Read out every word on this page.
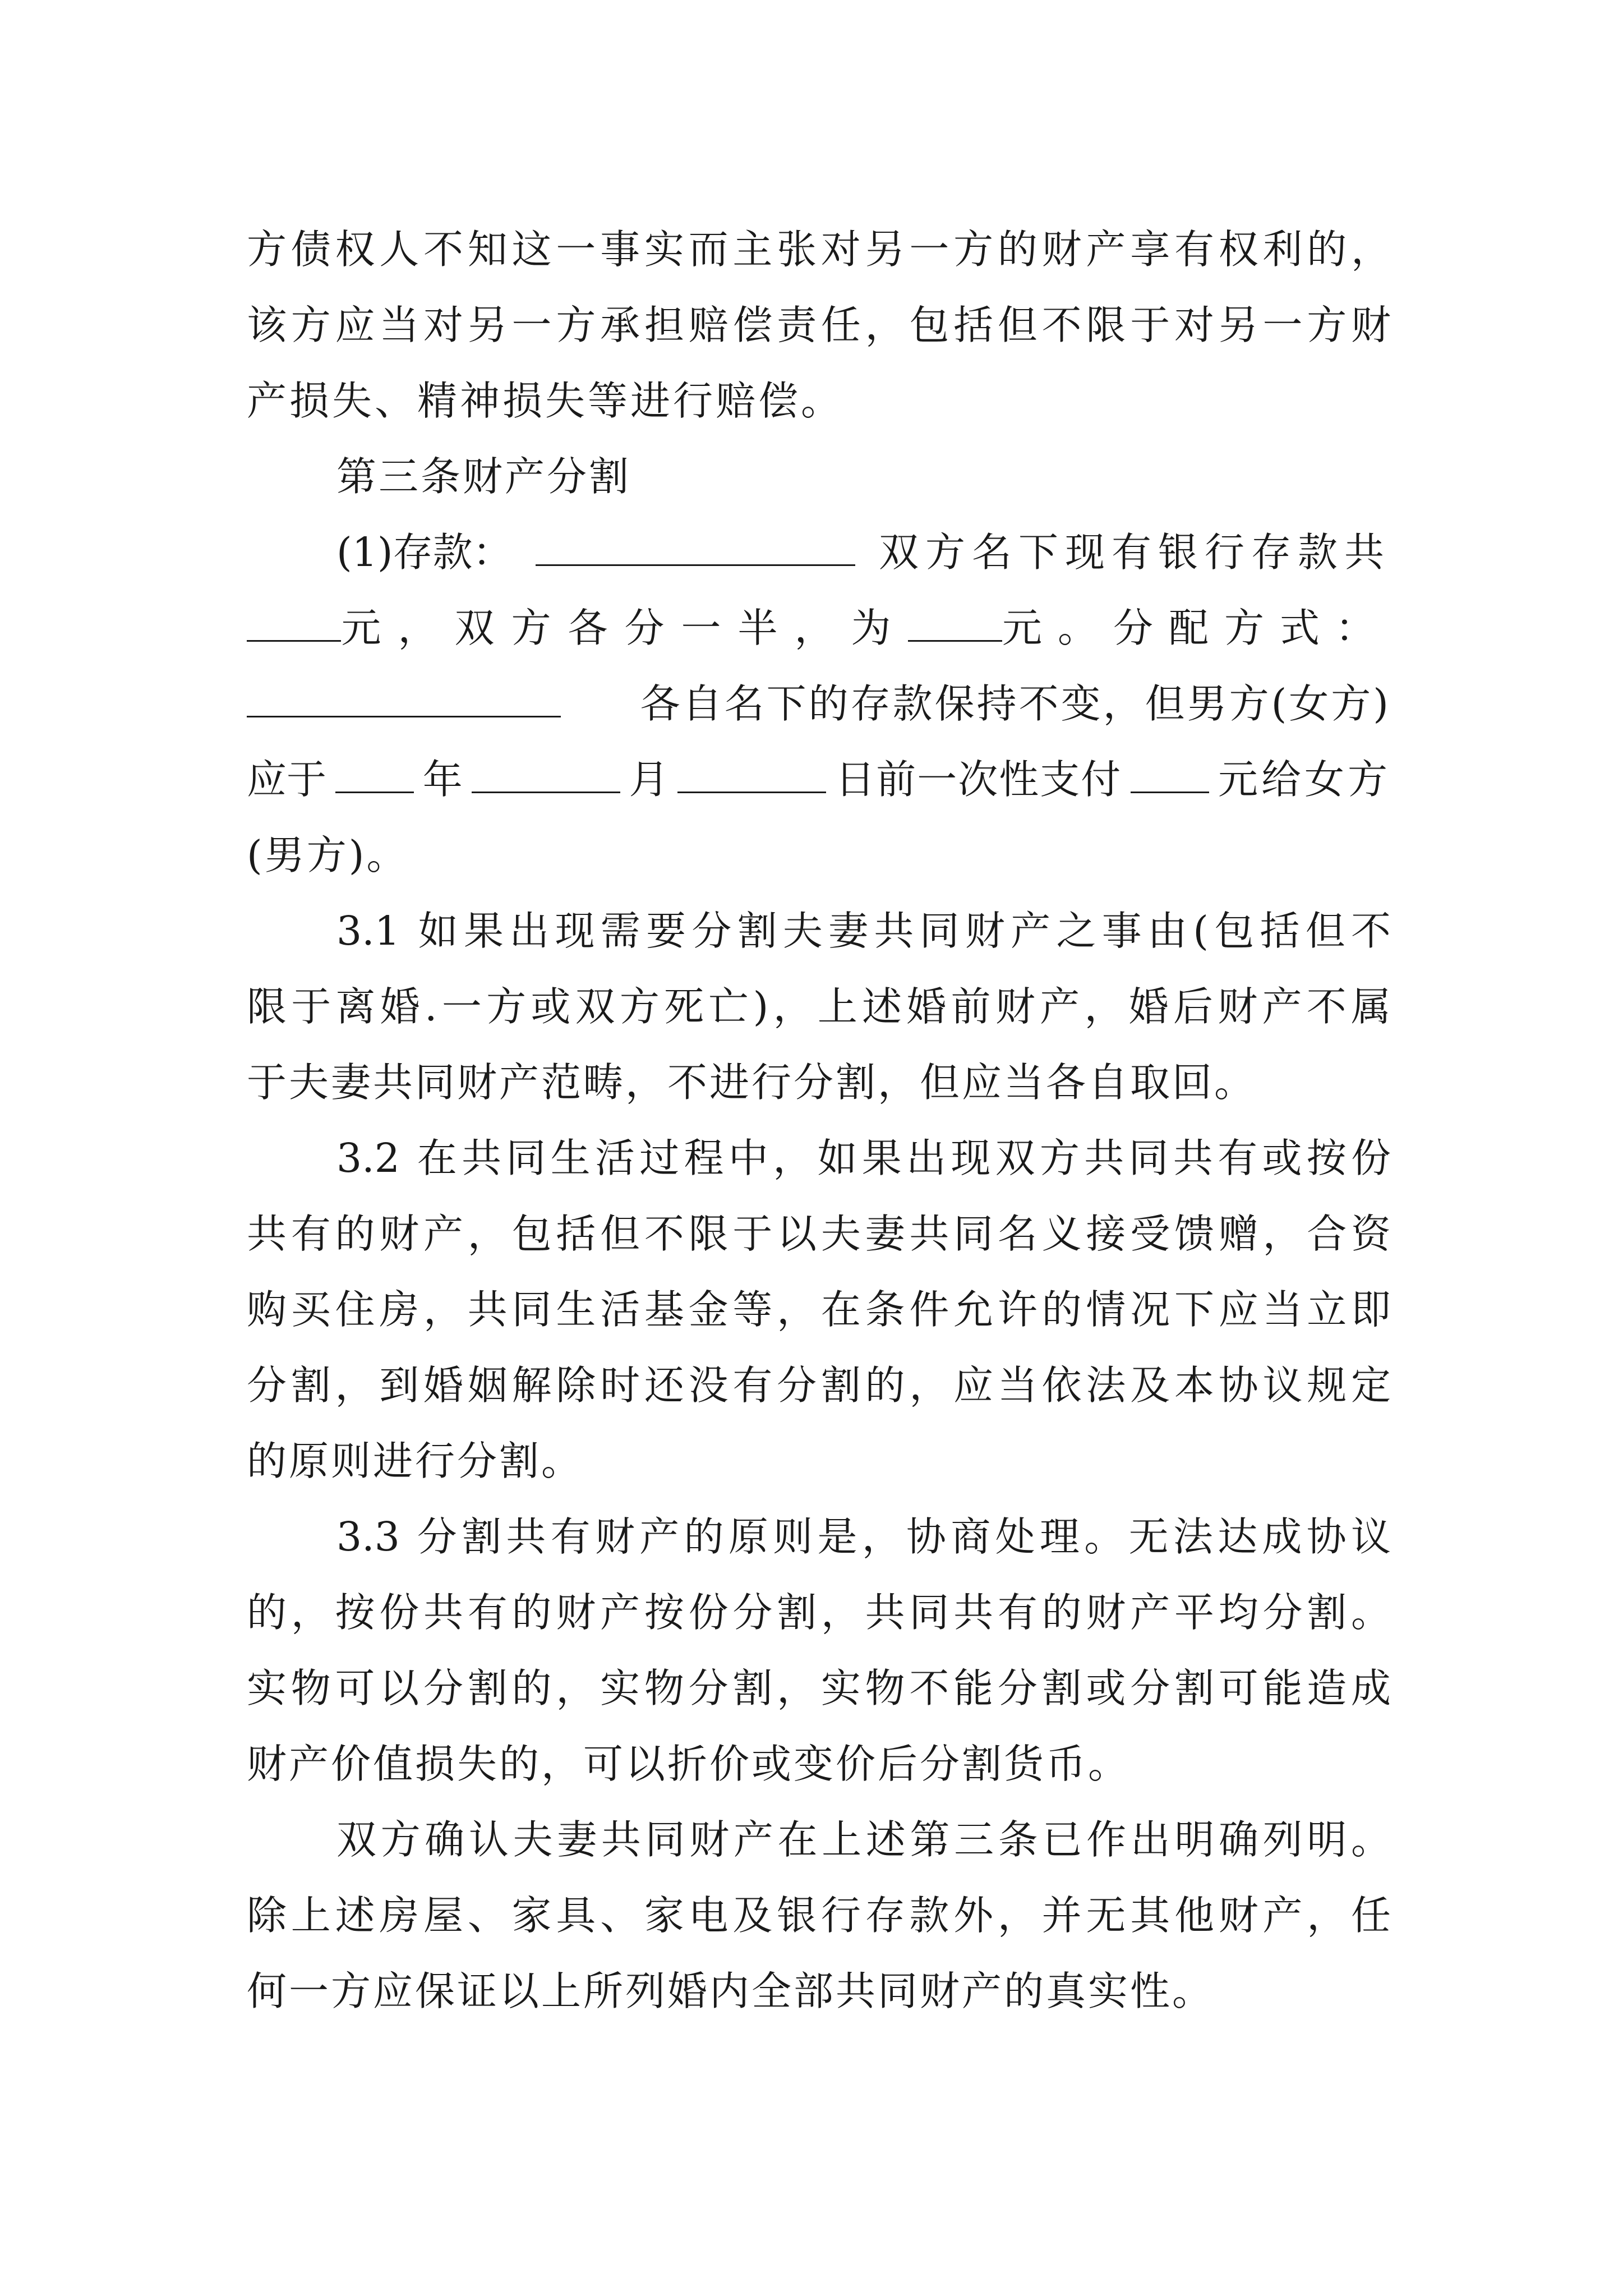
方债权人不知这一事实而主张对另一方的财产享有权利的，
该方应当对另一方承担赔偿责任，包括但不限于对另一方财
产损失、精神损失等进行赔偿。
第三条财产分割
(1)存款：	双方名下现有银行存款共
元，双方各分一半，为 元。分配方式：
各自名下的存款保持不变，但男方(女方)
应于 年	月	日前一次性支付 元给女方
(男方)。
3.1 如果出现需要分割夫妻共同财产之事由(包括但不
限于离婚.一方或双方死亡)，上述婚前财产，婚后财产不属
于夫妻共同财产范畴，不进行分割，但应当各自取回。
3.2 在共同生活过程中，如果出现双方共同共有或按份
共有的财产，包括但不限于以夫妻共同名义接受馈赠，合资
购买住房，共同生活基金等，在条件允许的情况下应当立即
分割，到婚姻解除时还没有分割的，应当依法及本协议规定
的原则进行分割。
3.3 分割共有财产的原则是，协商处理。无法达成协议
的，按份共有的财产按份分割，共同共有的财产平均分割。
实物可以分割的，实物分割，实物不能分割或分割可能造成
财产价值损失的，可以折价或变价后分割货币。
双方确认夫妻共同财产在上述第三条已作出明确列明。
除上述房屋、家具、家电及银行存款外，并无其他财产，任
何一方应保证以上所列婚内全部共同财产的真实性。
